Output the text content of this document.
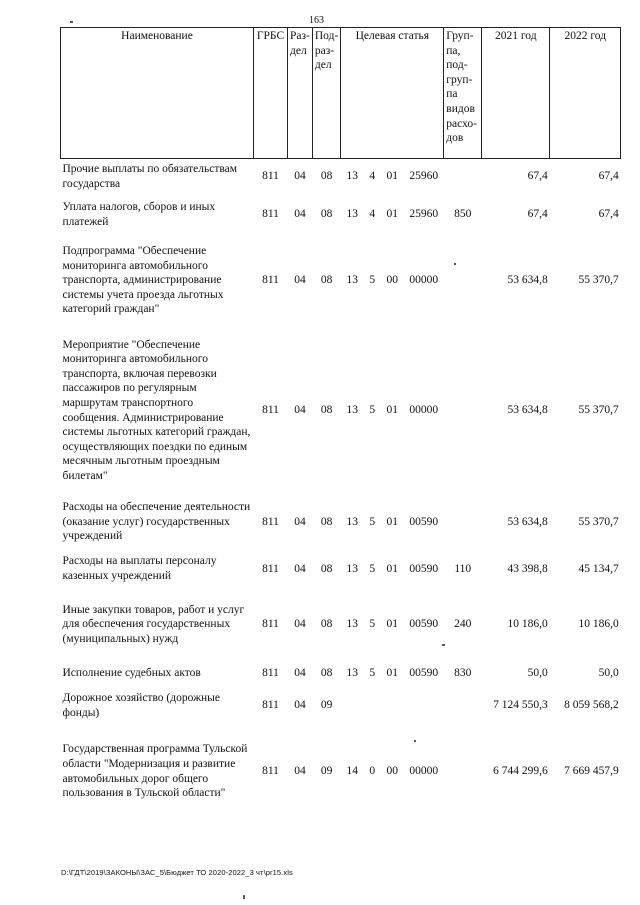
163
Наименование	ГРБС	Раз-дел	Под-раз-дел	Целевая статья				Груп-па, под-груп-па видов расхо-дов	2021 год	2022 год
Прочие выплаты по обязательствам государства	811	04	08	13	4	01	25960		67,4	67,4
Уплата налогов, сборов и иных платежей	811	04	08	13	4	01	25960	850	67,4	67,4
Подпрограмма "Обеспечение мониторинга автомобильного транспорта, администрирование системы учета проезда льготных категорий граждан"	811	04	08	13	5	00	00000		53 634,8	55 370,7
Мероприятие "Обеспечение мониторинга автомобильного транспорта, включая перевозки пассажиров по регулярным маршрутам транспортного сообщения. Администрирование системы льготных категорий граждан, осуществляющих поездки по единым месячным льготным проездным билетам"	811	04	08	13	5	01	00000		53 634,8	55 370,7
Расходы на обеспечение деятельности (оказание услуг) государственных учреждений	811	04	08	13	5	01	00590		53 634,8	55 370,7
Расходы на выплаты персоналу казенных учреждений	811	04	08	13	5	01	00590	110	43 398,8	45 134,7
Иные закупки товаров, работ и услуг для обеспечения государственных (муниципальных) нужд	811	04	08	13	5	01	00590	240	10 186,0	10 186,0
Исполнение судебных актов	811	04	08	13	5	01	00590	830	50,0	50,0
Дорожное хозяйство (дорожные фонды)	811	04	09						7 124 550,3	8 059 568,2
Государственная программа Тульской области "Модернизация и развитие автомобильных дорог общего пользования в Тульской области"	811	04	09	14	0	00	00000		6 744 299,6	7 669 457,9
D:\ГДТ\2019\ЗАКОНЫ\ЗАС_5\Бюджет ТО 2020-2022_3 чт\pr15.xls
